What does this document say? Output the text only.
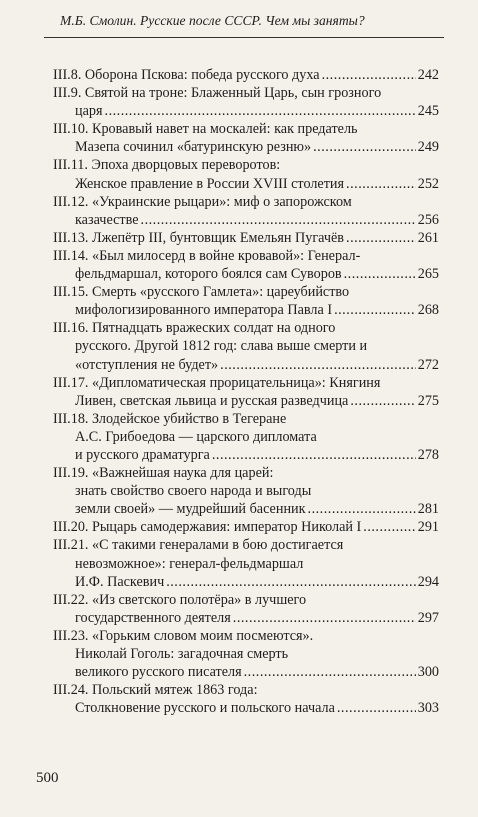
М.Б. Смолин. Русские после СССР. Чем мы заняты?
III.8. Оборона Пскова: победа русского духа .....	242
III.9. Святой на троне: Блаженный Царь, сын грозного
царя .....	245
III.10. Кровавый навет на москалей: как предатель
Мазепа сочинил «батуринскую резню» .....	249
III.11. Эпоха дворцовых переворотов:
Женское правление в России XVIII столетия .....	252
III.12. «Украинские рыцари»: миф о запорожском
казачестве .....	256
III.13. Лжепётр III, бунтовщик Емельян Пугачёв .....	261
III.14. «Был милосерд в войне кровавой»: Генерал-
фельдмаршал, которого боялся сам Суворов .....	265
III.15. Смерть «русского Гамлета»: цареубийство
мифологизированного императора Павла I .....	268
III.16. Пятнадцать вражеских солдат на одного
русского. Другой 1812 год: слава выше смерти и
«отступления не будет» .....	272
III.17. «Дипломатическая прорицательница»: Княгиня
Ливен, светская львица и русская разведчица .....	275
III.18. Злодейское убийство в Тегеране
А.С. Грибоедова — царского дипломата
и русского драматурга .....	278
III.19. «Важнейшая наука для царей:
знать свойство своего народа и выгоды
земли своей» — мудрейший басенник .....	281
III.20. Рыцарь самодержавия: император Николай I .....	291
III.21. «С такими генералами в бою достигается
невозможное»: генерал-фельдмаршал
И.Ф. Паскевич .....	294
III.22. «Из светского полотёра» в лучшего
государственного деятеля .....	297
III.23. «Горьким словом моим посмеются».
Николай Гоголь: загадочная смерть
великого русского писателя .....	300
III.24. Польский мятеж 1863 года:
Столкновение русского и польского начала .....	303
500
